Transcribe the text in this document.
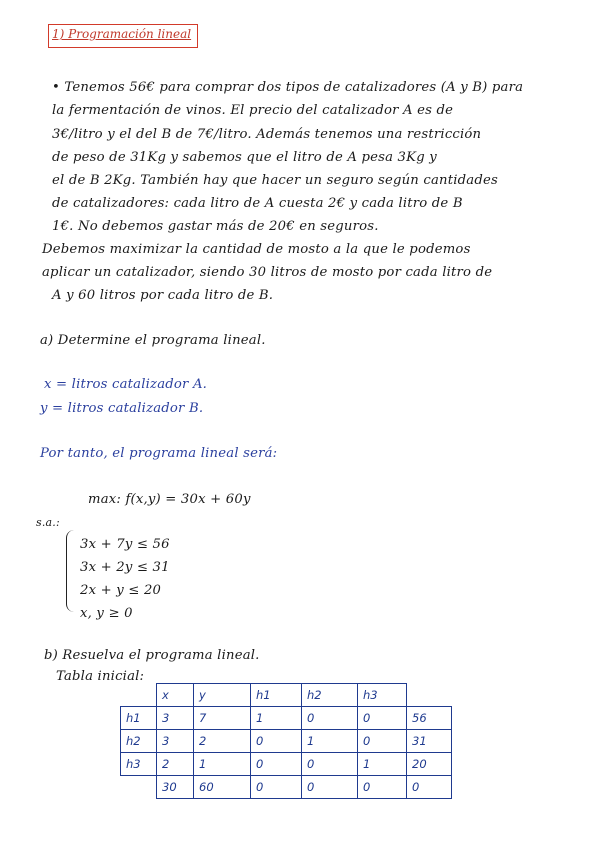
1) Programación lineal
• Tenemos 56€ para comprar dos tipos de catalizadores (A y B) para
la fermentación de vinos. El precio del catalizador A es de
3€/litro y el del B de 7€/litro. Además tenemos una restricción
de peso de 31Kg y sabemos que el litro de A pesa 3Kg y
el de B 2Kg. También hay que hacer un seguro según cantidades
de catalizadores: cada litro de A cuesta 2€ y cada litro de B
1€. No debemos gastar más de 20€ en seguros.
Debemos maximizar la cantidad de mosto a la que le podemos
aplicar un catalizador, siendo 30 litros de mosto por cada litro de
A y 60 litros por cada litro de B.
a) Determine el programa lineal.
x = litros catalizador A.
y = litros catalizador B.
Por tanto, el programa lineal será:
max: f(x,y) = 30x + 60y
s.a.:
3x + 7y ≤ 56
3x + 2y ≤ 31
2x + y ≤ 20
x, y ≥ 0
b) Resuelva el programa lineal.
Tabla inicial:
	x	y	h1	h2	h3	
h1	3	7	1	0	0	56
h2	3	2	0	1	0	31
h3	2	1	0	0	1	20
	30	60	0	0	0	0
